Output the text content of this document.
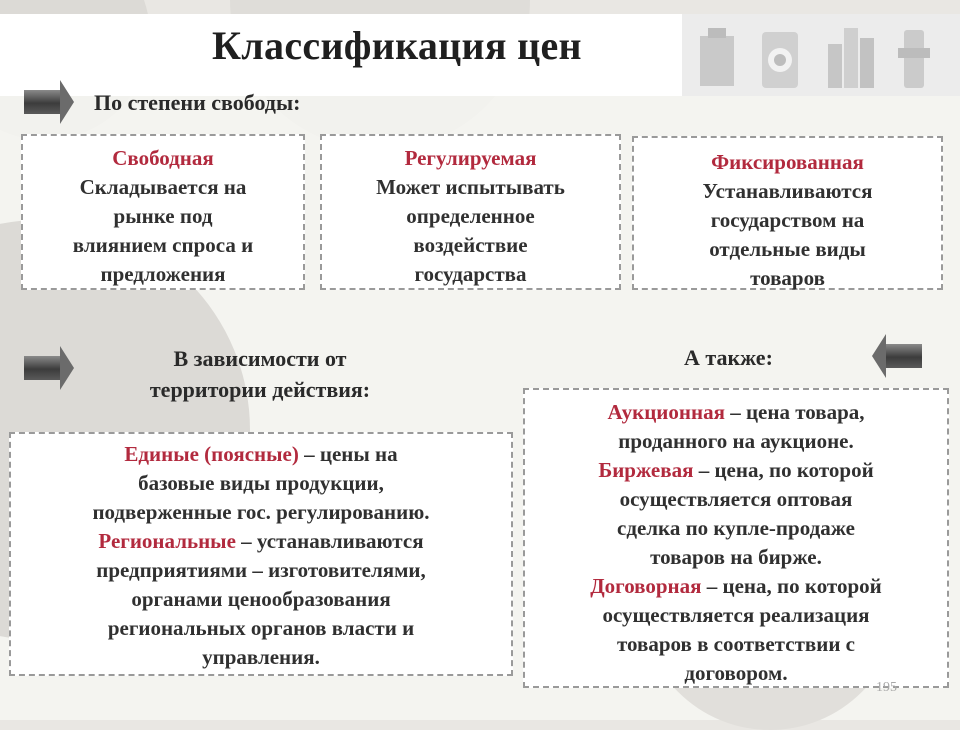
Классификация цен
По степени свободы:

Свободная

Складывается на

рынке под

влиянием спроса и

предложения

Регулируемая

Может испытывать

определенное

воздействие

государства

Фиксированная

Устанавливаются

государством на

отдельные виды

товаров

В зависимости от
территории действия:

Единые (поясные) – цены на

базовые виды продукции,

подверженные гос. регулированию.

Региональные – устанавливаются

предприятиями – изготовителями,

органами ценообразования

региональных органов власти и

управления.

А также:

Аукционная – цена товара,

проданного на аукционе.

Биржевая – цена, по которой

осуществляется оптовая

сделка по купле-продаже

товаров на бирже.

Договорная – цена, по которой

осуществляется реализация

товаров в соответствии с

договором.

195
